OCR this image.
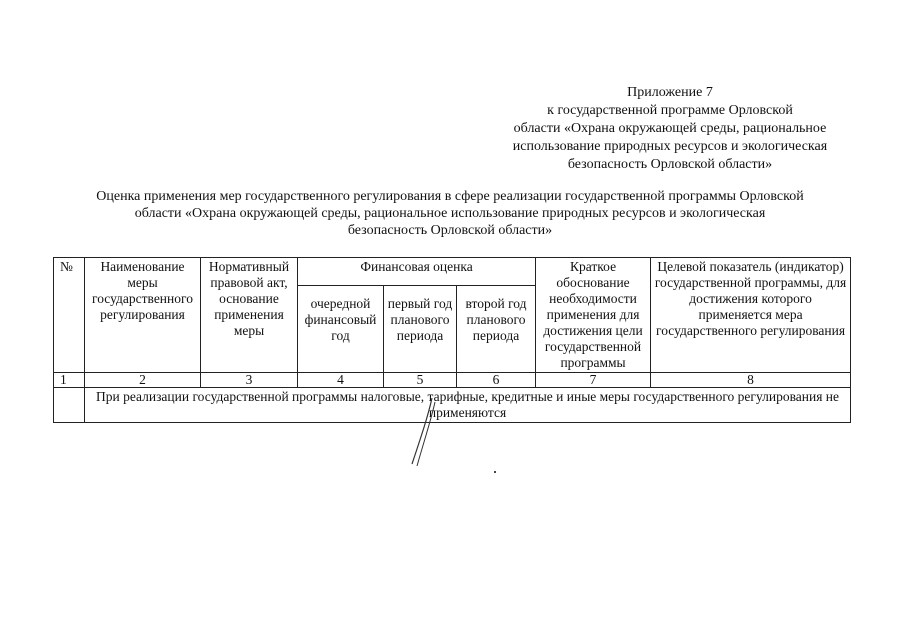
Приложение 7
к государственной программе Орловской
области «Охрана окружающей среды, рациональное
использование природных ресурсов и экологическая
безопасность Орловской области»
Оценка применения мер государственного регулирования в сфере реализации государственной программы Орловской
области «Охрана окружающей среды, рациональное использование природных ресурсов и экологическая
безопасность Орловской области»
№	Наименование меры государственного регулирования	Нормативный правовой акт, основание применения меры	Финансовая оценка			Краткое обоснование необходимости применения для достижения цели государственной программы	Целевой показатель (индикатор) государственной программы, для достижения которого применяется мера государственного регулирования
			очередной финансовый год	первый год планового периода	второй год планового периода		
1	2	3	4	5	6	7	8
	При реализации государственной программы налоговые, тарифные, кредитные и иные меры государственного регулирования не применяются						
